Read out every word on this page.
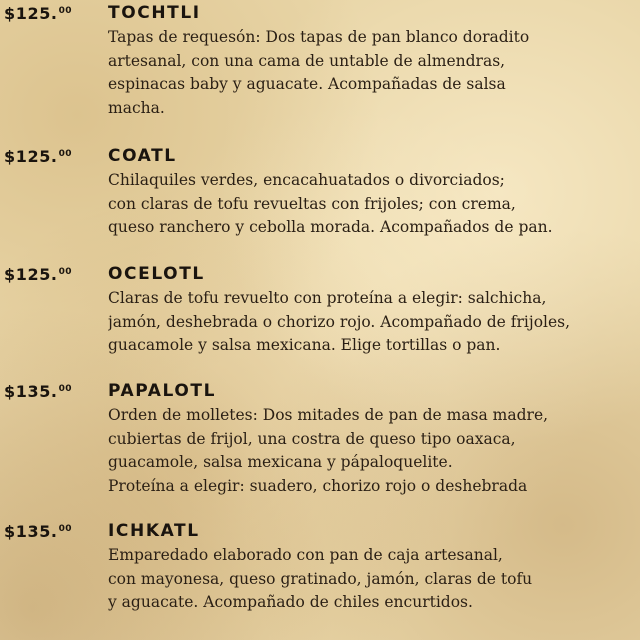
$125.00 TOCHTLI
Tapas de requesón: Dos tapas de pan blanco doradito
artesanal, con una cama de untable de almendras,
espinacas baby y aguacate. Acompañadas de salsa
macha.
$125.00 COATL
Chilaquiles verdes, encacahuatados o divorciados;
con claras de tofu revueltas con frijoles; con crema,
queso ranchero y cebolla morada. Acompañados de pan.
$125.00 OCELOTL
Claras de tofu revuelto con proteína a elegir: salchicha,
jamón, deshebrada o chorizo rojo. Acompañado de frijoles,
guacamole y salsa mexicana. Elige tortillas o pan.
$135.00 PAPALOTL
Orden de molletes: Dos mitades de pan de masa madre,
cubiertas de frijol, una costra de queso tipo oaxaca,
guacamole, salsa mexicana y pápaloquelite.
Proteína a elegir: suadero, chorizo rojo o deshebrada
$135.00 ICHKATL
Emparedado elaborado con pan de caja artesanal,
con mayonesa, queso gratinado, jamón, claras de tofu
y aguacate. Acompañado de chiles encurtidos.
